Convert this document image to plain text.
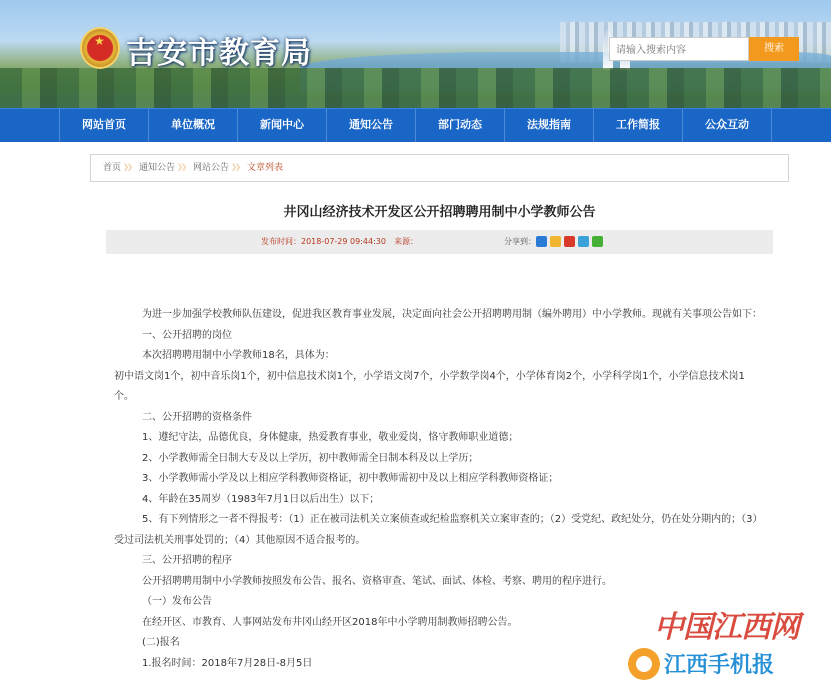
★ 吉安市教育局
请输入搜索内容	搜索
网站首页	单位概况	新闻中心	通知公告	部门动态	法规指南	工作简报	公众互动
首页 》》 通知公告 》》 网站公告 》》 文章列表
井冈山经济技术开发区公开招聘聘用制中小学教师公告
发布时间：2018-07-29 09:44:30 来源：	分享到：

为进一步加强学校教师队伍建设，促进我区教育事业发展，决定面向社会公开招聘聘用制（编外聘用）中小学教师。现就有关事项公告如下：

一、公开招聘的岗位

本次招聘聘用制中小学教师18名，具体为：

初中语文岗1个，初中音乐岗1个，初中信息技术岗1个，小学语文岗7个，小学数学岗4个，小学体育岗2个，小学科学岗1个，小学信息技术岗1个。

二、公开招聘的资格条件

1、遵纪守法，品德优良，身体健康，热爱教育事业，敬业爱岗，恪守教师职业道德；

2、小学教师需全日制大专及以上学历，初中教师需全日制本科及以上学历；

3、小学教师需小学及以上相应学科教师资格证，初中教师需初中及以上相应学科教师资格证；

4、年龄在35周岁（1983年7月1日以后出生）以下；

5、有下列情形之一者不得报考：（1）正在被司法机关立案侦查或纪检监察机关立案审查的；（2）受党纪、政纪处分，仍在处分期内的；（3）受过司法机关刑事处罚的；（4）其他原因不适合报考的。

三、公开招聘的程序

公开招聘聘用制中小学教师按照发布公告、报名、资格审查、笔试、面试、体检、考察、聘用的程序进行。

（一）发布公告

在经开区、市教育、人事网站发布井冈山经开区2018年中小学聘用制教师招聘公告。

(二)报名

1.报名时间：2018年7月28日-8月5日

中国江西网
江西手机报
